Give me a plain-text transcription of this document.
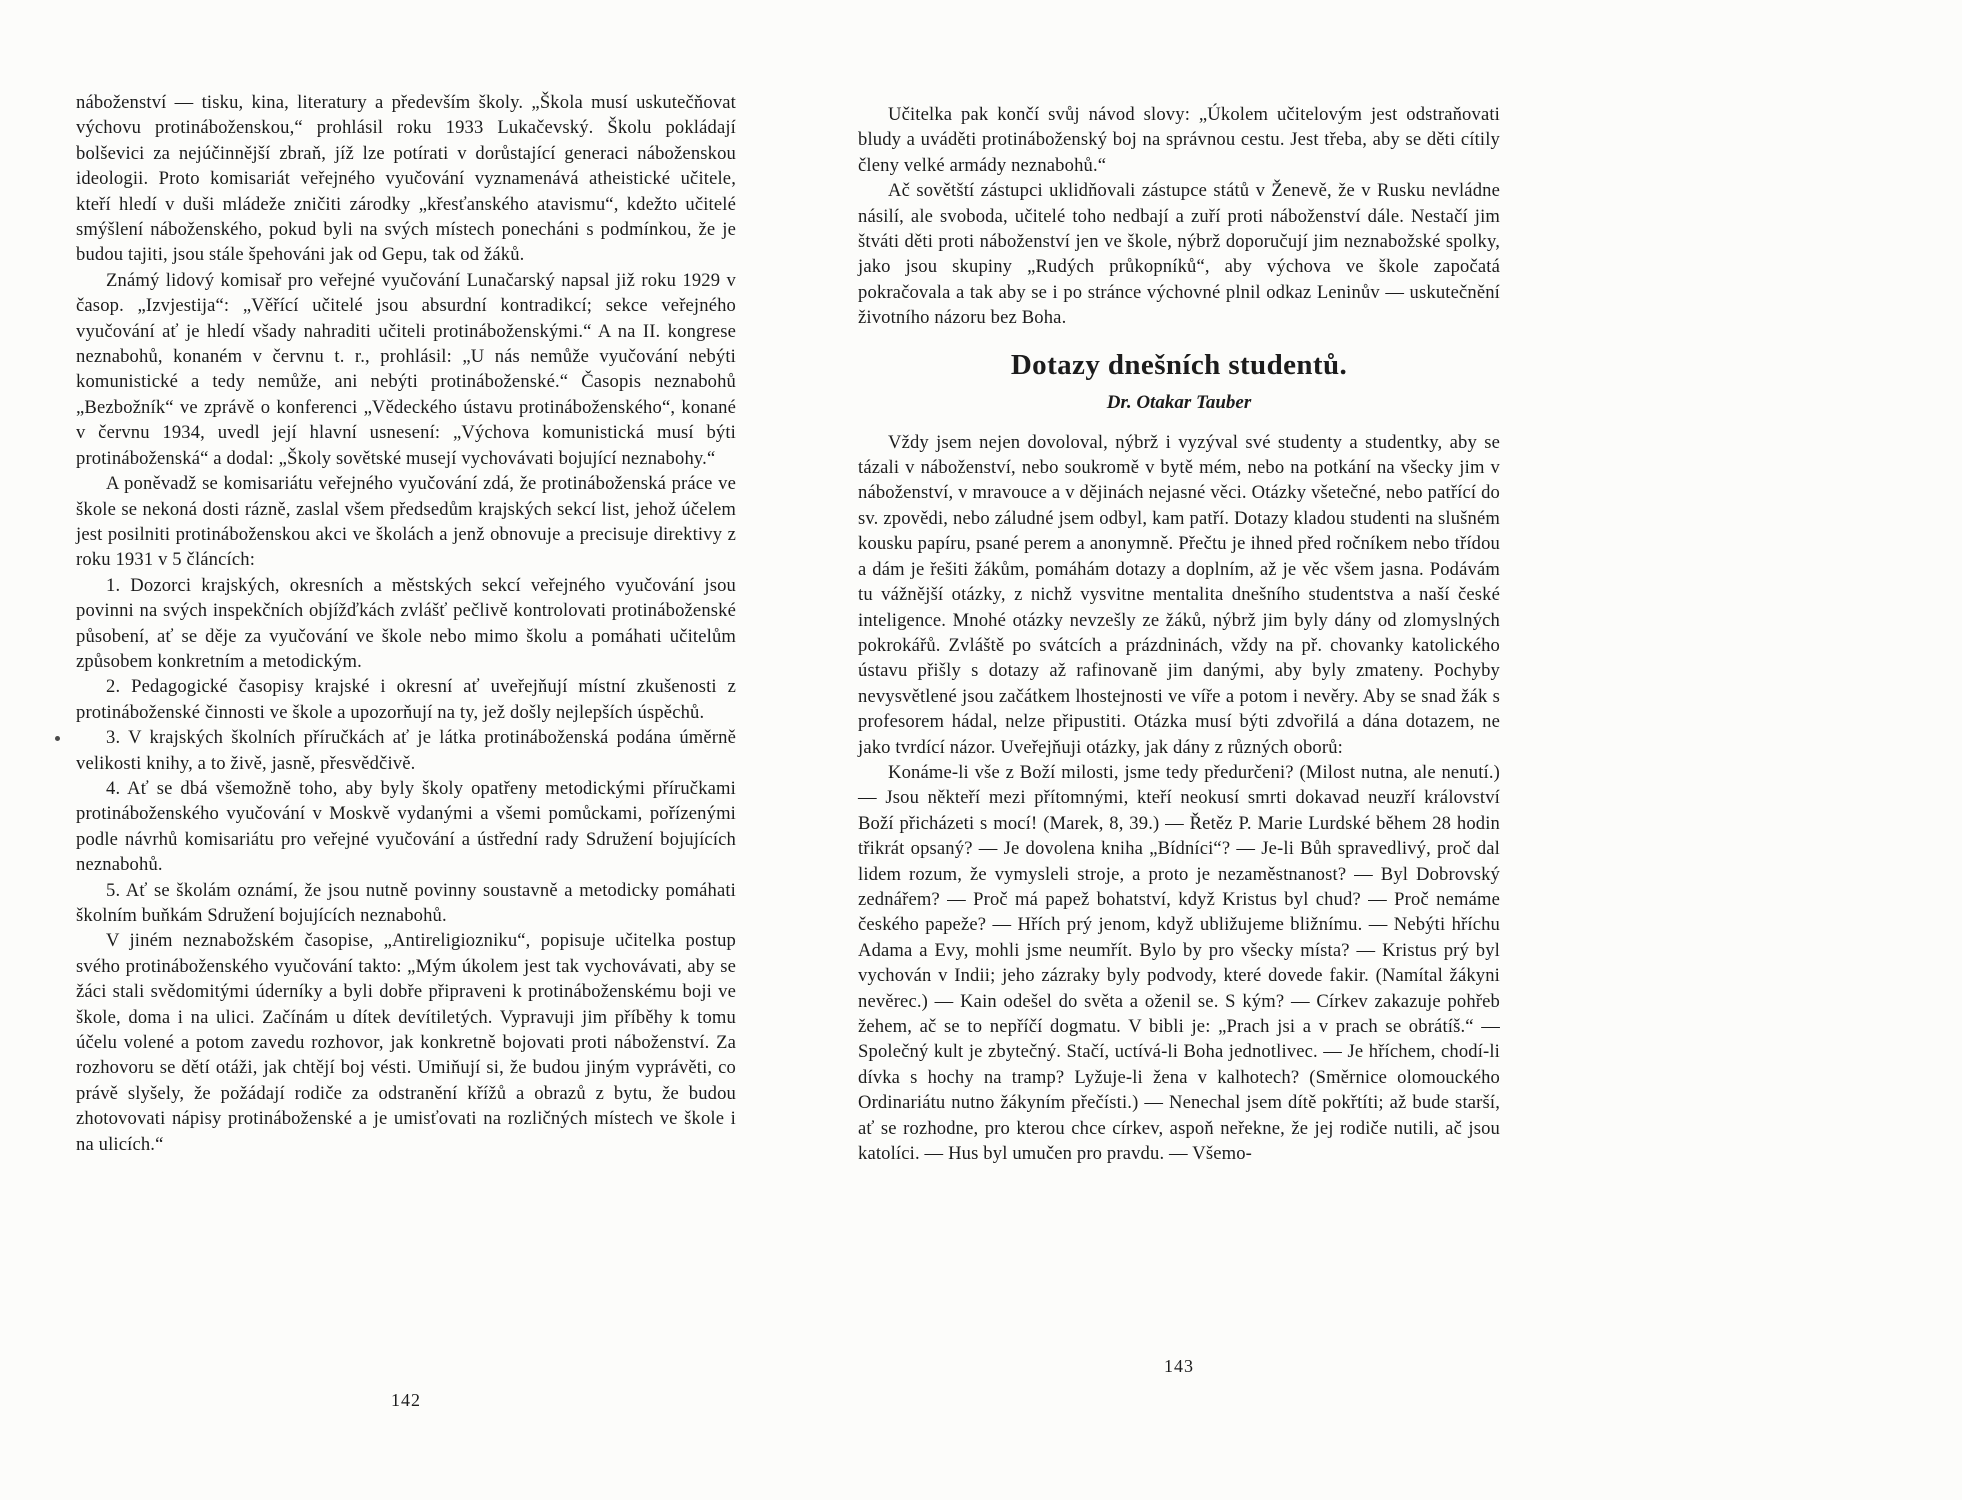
náboženství — tisku, kina, literatury a především školy. „Škola musí uskutečňovat výchovu protináboženskou,“ prohlásil roku 1933 Lukačevský. Školu pokládají bolševici za nejúčinnější zbraň, jíž lze potírati v dorůstající generaci náboženskou ideologii. Proto komisariát veřejného vyučování vyznamenává atheistické učitele, kteří hledí v duši mládeže zničiti zárodky „křesťanského atavismu“, kdežto učitelé smýšlení náboženského, pokud byli na svých místech ponecháni s podmínkou, že je budou tajiti, jsou stále špehováni jak od Gepu, tak od žáků.

Známý lidový komisař pro veřejné vyučování Lunačarský napsal již roku 1929 v časop. „Izvjestija“: „Věřící učitelé jsou absurdní kontradikcí; sekce veřejného vyučování ať je hledí všady nahraditi učiteli protináboženskými.“ A na II. kongrese neznabohů, konaném v červnu t. r., prohlásil: „U nás nemůže vyučování nebýti komunistické a tedy nemůže, ani nebýti protináboženské.“ Časopis neznabohů „Bezbožník“ ve zprávě o konferenci „Vědeckého ústavu protináboženského“, konané v červnu 1934, uvedl její hlavní usnesení: „Výchova komunistická musí býti protináboženská“ a dodal: „Školy sovětské musejí vychovávati bojující neznabohy.“

A poněvadž se komisariátu veřejného vyučování zdá, že protináboženská práce ve škole se nekoná dosti rázně, zaslal všem předsedům krajských sekcí list, jehož účelem jest posilniti protináboženskou akci ve školách a jenž obnovuje a precisuje direktivy z roku 1931 v 5 článcích:

1. Dozorci krajských, okresních a městských sekcí veřejného vyučování jsou povinni na svých inspekčních objížďkách zvlášť pečlivě kontrolovati protináboženské působení, ať se děje za vyučování ve škole nebo mimo školu a pomáhati učitelům způsobem konkretním a metodickým.

2. Pedagogické časopisy krajské i okresní ať uveřejňují místní zkušenosti z protináboženské činnosti ve škole a upozorňují na ty, jež došly nejlepších úspěchů.

3. V krajských školních příručkách ať je látka protináboženská podána úměrně velikosti knihy, a to živě, jasně, přesvědčivě.

4. Ať se dbá všemožně toho, aby byly školy opatřeny metodickými příručkami protináboženského vyučování v Moskvě vydanými a všemi pomůckami, pořízenými podle návrhů komisariátu pro veřejné vyučování a ústřední rady Sdružení bojujících neznabohů.

5. Ať se školám oznámí, že jsou nutně povinny soustavně a metodicky pomáhati školním buňkám Sdružení bojujících neznabohů.

V jiném neznabožském časopise, „Antireligiozniku“, popisuje učitelka postup svého protináboženského vyučování takto: „Mým úkolem jest tak vychovávati, aby se žáci stali svědomitými úderníky a byli dobře připraveni k protináboženskému boji ve škole, doma i na ulici. Začínám u dítek devítiletých. Vypravuji jim příběhy k tomu účelu volené a potom zavedu rozhovor, jak konkretně bojovati proti náboženství. Za rozhovoru se dětí otáži, jak chtějí boj vésti. Umiňují si, že budou jiným vyprávěti, co právě slyšely, že požádají rodiče za odstranění křížů a obrazů z bytu, že budou zhotovovati nápisy protináboženské a je umisťovati na rozličných místech ve škole i na ulicích.“

Učitelka pak končí svůj návod slovy: „Úkolem učitelovým jest odstraňovati bludy a uváděti protináboženský boj na správnou cestu. Jest třeba, aby se děti cítily členy velké armády neznabohů.“

Ač sovětští zástupci uklidňovali zástupce států v Ženevě, že v Rusku nevládne násilí, ale svoboda, učitelé toho nedbají a zuří proti náboženství dále. Nestačí jim štváti děti proti náboženství jen ve škole, nýbrž doporučují jim neznabožské spolky, jako jsou skupiny „Rudých průkopníků“, aby výchova ve škole započatá pokračovala a tak aby se i po stránce výchovné plnil odkaz Leninův — uskutečnění životního názoru bez Boha.

Dotazy dnešních studentů.
Dr. Otakar Tauber

Vždy jsem nejen dovoloval, nýbrž i vyzýval své studenty a studentky, aby se tázali v náboženství, nebo soukromě v bytě mém, nebo na potkání na všecky jim v náboženství, v mravouce a v dějinách nejasné věci. Otázky všetečné, nebo patřící do sv. zpovědi, nebo záludné jsem odbyl, kam patří. Dotazy kladou studenti na slušném kousku papíru, psané perem a anonymně. Přečtu je ihned před ročníkem nebo třídou a dám je řešiti žákům, pomáhám dotazy a doplním, až je věc všem jasna. Podávám tu vážnější otázky, z nichž vysvitne mentalita dnešního studentstva a naší české inteligence. Mnohé otázky nevzešly ze žáků, nýbrž jim byly dány od zlomyslných pokrokářů. Zvláště po svátcích a prázdninách, vždy na př. chovanky katolického ústavu přišly s dotazy až rafinovaně jim danými, aby byly zmateny. Pochyby nevysvětlené jsou začátkem lhostejnosti ve víře a potom i nevěry. Aby se snad žák s profesorem hádal, nelze připustiti. Otázka musí býti zdvořilá a dána dotazem, ne jako tvrdící názor. Uveřejňuji otázky, jak dány z různých oborů:

Konáme-li vše z Boží milosti, jsme tedy předurčeni? (Milost nutna, ale nenutí.) — Jsou někteří mezi přítomnými, kteří neokusí smrti dokavad neuzří království Boží přicházeti s mocí! (Marek, 8, 39.) — Řetěz P. Marie Lurdské během 28 hodin třikrát opsaný? — Je dovolena kniha „Bídníci“? — Je-li Bůh spravedlivý, proč dal lidem rozum, že vymysleli stroje, a proto je nezaměstnanost? — Byl Dobrovský zednářem? — Proč má papež bohatství, když Kristus byl chud? — Proč nemáme českého papeže? — Hřích prý jenom, když ubližujeme bližnímu. — Nebýti hříchu Adama a Evy, mohli jsme neumřít. Bylo by pro všecky místa? — Kristus prý byl vychován v Indii; jeho zázraky byly podvody, které dovede fakir. (Namítal žákyni nevěrec.) — Kain odešel do světa a oženil se. S kým? — Církev zakazuje pohřeb žehem, ač se to nepříčí dogmatu. V bibli je: „Prach jsi a v prach se obrátíš.“ — Společný kult je zbytečný. Stačí, uctívá-li Boha jednotlivec. — Je hříchem, chodí-li dívka s hochy na tramp? Lyžuje-li žena v kalhotech? (Směrnice olomouckého Ordinariátu nutno žákyním přečísti.) — Nenechal jsem dítě pokřtíti; až bude starší, ať se rozhodne, pro kterou chce církev, aspoň neřekne, že jej rodiče nutili, ač jsou katolíci. — Hus byl umučen pro pravdu. — Všemo-

142
143
